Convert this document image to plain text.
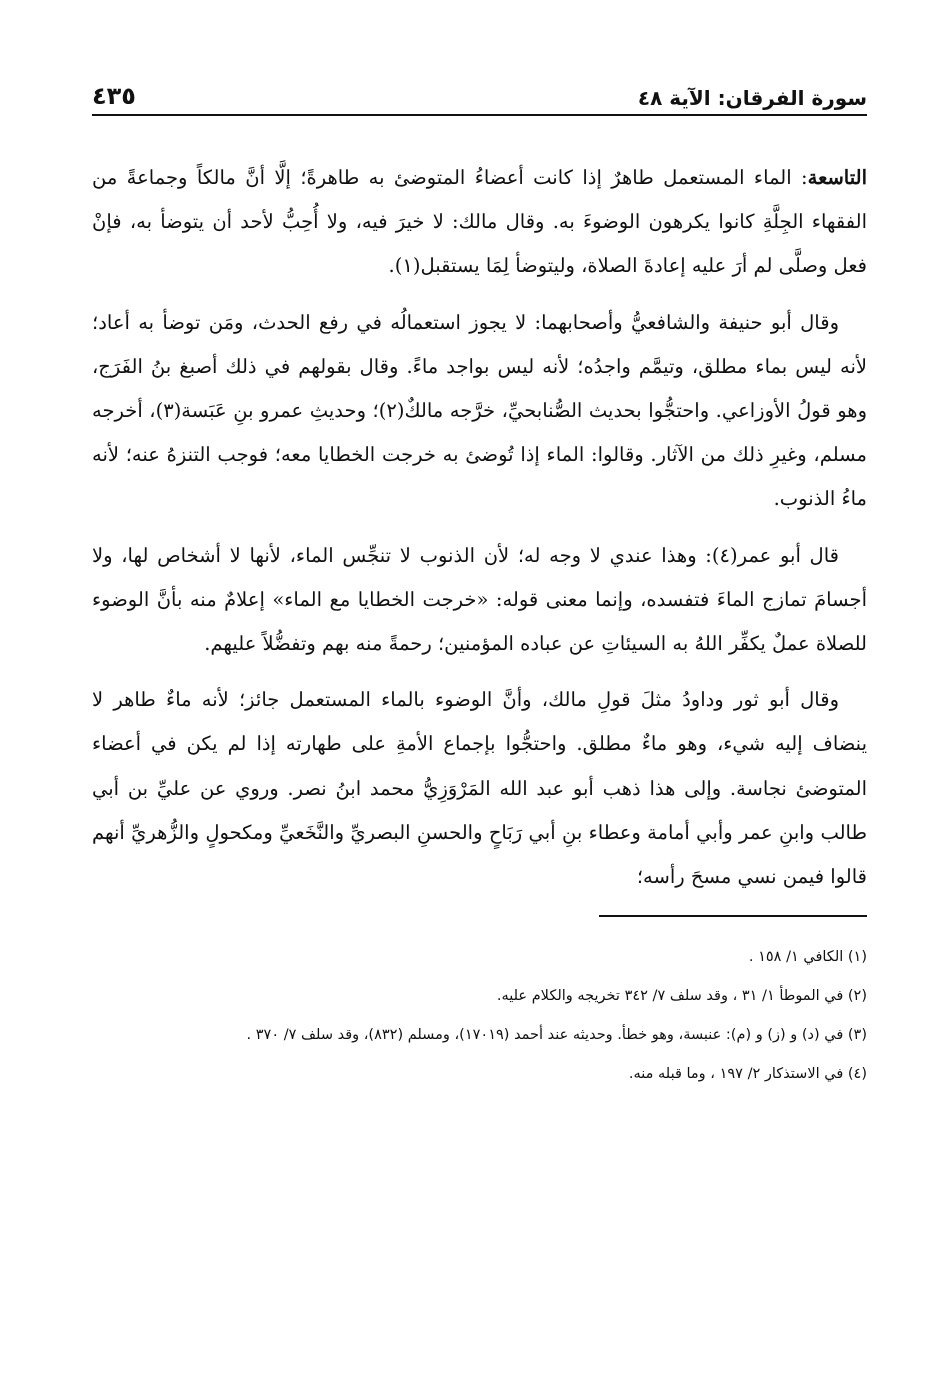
سورة الفرقان: الآية ٤٨
٤٣٥

التاسعة: الماء المستعمل طاهرٌ إذا كانت أعضاءُ المتوضئ به طاهرةً؛ إلَّا أنَّ مالكاً وجماعةً من الفقهاء الجِلَّةِ كانوا يكرهون الوضوءَ به. وقال مالك: لا خيرَ فيه، ولا أُحِبُّ لأحد أن يتوضأ به، فإنْ فعل وصلَّى لم أرَ عليه إعادةَ الصلاة، وليتوضأ لِمَا يستقبل(١).

وقال أبو حنيفة والشافعيُّ وأصحابهما: لا يجوز استعمالُه في رفع الحدث، ومَن توضأ به أعاد؛ لأنه ليس بماء مطلق، وتيمَّم واجدُه؛ لأنه ليس بواجد ماءً. وقال بقولهم في ذلك أصبغ بنُ الفَرَج، وهو قولُ الأوزاعي. واحتجُّوا بحديث الصُّنابحيِّ، خرَّجه مالكٌ(٢)؛ وحديثِ عمرو بنِ عَبَسة(٣)، أخرجه مسلم، وغيرِ ذلك من الآثار. وقالوا: الماء إذا تُوضئ به خرجت الخطايا معه؛ فوجب التنزهُ عنه؛ لأنه ماءُ الذنوب.

قال أبو عمر(٤): وهذا عندي لا وجه له؛ لأن الذنوب لا تنجِّس الماء، لأنها لا أشخاص لها، ولا أجسامَ تمازج الماءَ فتفسده، وإنما معنى قوله: «خرجت الخطايا مع الماء» إعلامٌ منه بأنَّ الوضوء للصلاة عملٌ يكفِّر اللهُ به السيئاتِ عن عباده المؤمنين؛ رحمةً منه بهم وتفضُّلاً عليهم.

وقال أبو ثور وداودُ مثلَ قولِ مالك، وأنَّ الوضوء بالماء المستعمل جائز؛ لأنه ماءٌ طاهر لا ينضاف إليه شيء، وهو ماءٌ مطلق. واحتجُّوا بإجماع الأمةِ على طهارته إذا لم يكن في أعضاء المتوضئ نجاسة. وإلى هذا ذهب أبو عبد الله المَرْوَزِيُّ محمد ابنُ نصر. وروي عن عليِّ بن أبي طالب وابنِ عمر وأبي أمامة وعطاء بنِ أبي رَبَاحٍ والحسنِ البصريِّ والنَّخَعيِّ ومكحولٍ والزُّهريِّ أنهم قالوا فيمن نسي مسحَ رأسه؛

(١) الكافي ١/ ١٥٨ .

(٢) في الموطأ ١/ ٣١ ، وقد سلف ٧/ ٣٤٢ تخريجه والكلام عليه.

(٣) في (د) و (ز) و (م): عنبسة، وهو خطأ. وحديثه عند أحمد (١٧٠١٩)، ومسلم (٨٣٢)، وقد سلف ٧/ ٣٧٠ .

(٤) في الاستذكار ٢/ ١٩٧ ، وما قبله منه.
